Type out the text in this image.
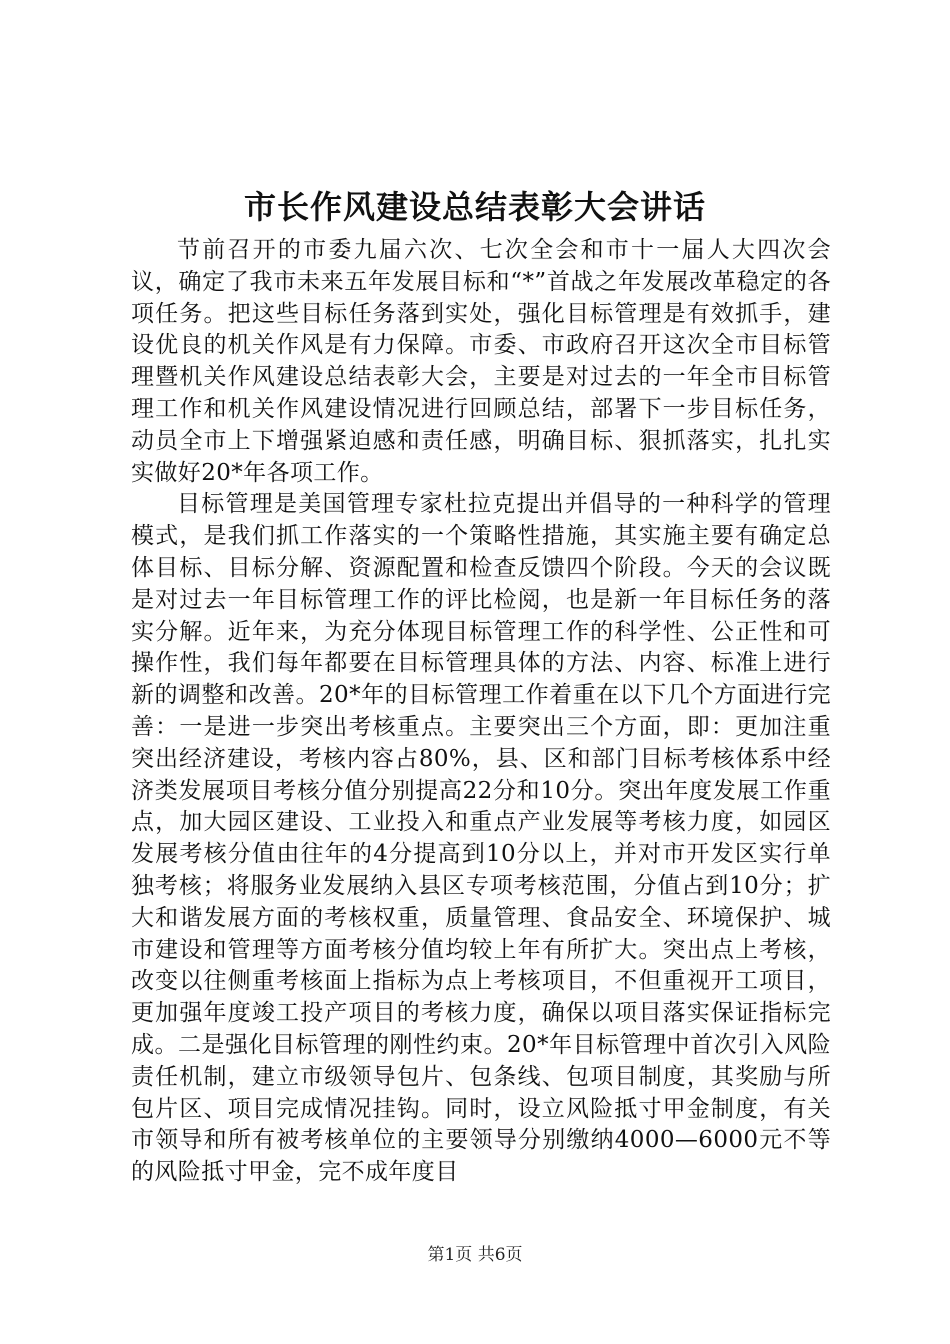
市长作风建设总结表彰大会讲话

节前召开的市委九届六次、七次全会和市十一届人大四次会议，确定了我市未来五年发展目标和“*”首战之年发展改革稳定的各项任务。把这些目标任务落到实处，强化目标管理是有效抓手，建设优良的机关作风是有力保障。市委、市政府召开这次全市目标管理暨机关作风建设总结表彰大会，主要是对过去的一年全市目标管理工作和机关作风建设情况进行回顾总结，部署下一步目标任务，动员全市上下增强紧迫感和责任感，明确目标、狠抓落实，扎扎实实做好20*年各项工作。

目标管理是美国管理专家杜拉克提出并倡导的一种科学的管理模式，是我们抓工作落实的一个策略性措施，其实施主要有确定总体目标、目标分解、资源配置和检查反馈四个阶段。今天的会议既是对过去一年目标管理工作的评比检阅，也是新一年目标任务的落实分解。近年来，为充分体现目标管理工作的科学性、公正性和可操作性，我们每年都要在目标管理具体的方法、内容、标准上进行新的调整和改善。20*年的目标管理工作着重在以下几个方面进行完善：一是进一步突出考核重点。主要突出三个方面，即：更加注重突出经济建设，考核内容占80%，县、区和部门目标考核体系中经济类发展项目考核分值分别提高22分和10分。突出年度发展工作重点，加大园区建设、工业投入和重点产业发展等考核力度，如园区发展考核分值由往年的4分提高到10分以上，并对市开发区实行单独考核；将服务业发展纳入县区专项考核范围，分值占到10分；扩大和谐发展方面的考核权重，质量管理、食品安全、环境保护、城市建设和管理等方面考核分值均较上年有所扩大。突出点上考核，改变以往侧重考核面上指标为点上考核项目，不但重视开工项目，更加强年度竣工投产项目的考核力度，确保以项目落实保证指标完成。二是强化目标管理的刚性约束。20*年目标管理中首次引入风险责任机制，建立市级领导包片、包条线、包项目制度，其奖励与所包片区、项目完成情况挂钩。同时，设立风险抵寸甲金制度，有关市领导和所有被考核单位的主要领导分别缴纳4000—6000元不等的风险抵寸甲金，完不成年度目

第1页 共6页
